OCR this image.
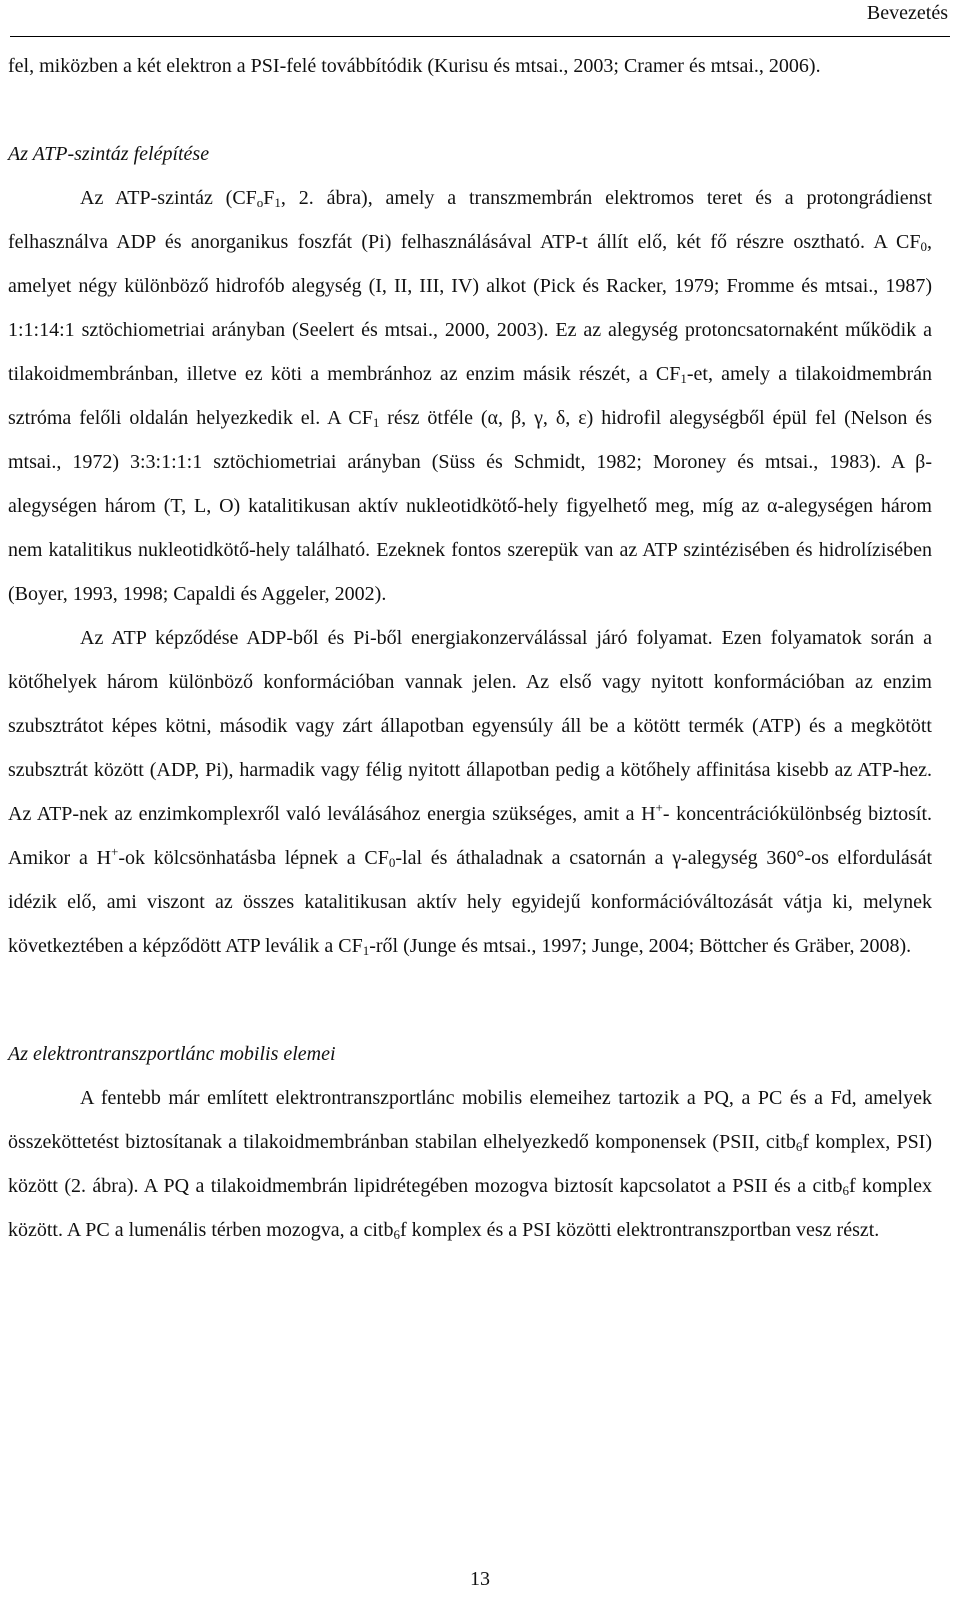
Bevezetés

fel, miközben a két elektron a PSI-felé továbbítódik (Kurisu és mtsai., 2003; Cramer és mtsai., 2006).

Az ATP-szintáz felépítése

Az ATP-szintáz ($CF_oF_1$, 2. ábra), amely a transzmembrán elektromos teret és a protongrádienst felhasználva ADP és anorganikus foszfát (Pi) felhasználásával ATP-t állít elő, két fő részre osztható. A $CF_0$, amelyet négy különböző hidrofób alegység (I, II, III, IV) alkot (Pick és Racker, 1979; Fromme és mtsai., 1987) 1:1:14:1 sztöchiometriai arányban (Seelert és mtsai., 2000, 2003). Ez az alegység protoncsatornaként működik a tilakoidmembránban, illetve ez köti a membránhoz az enzim másik részét, a $CF_1-et$, amely a tilakoidmembrán sztróma felőli oldalán helyezkedik el. A $CF_1$ rész ötféle (α, β, γ, δ, ε) hidrofil alegységből épül fel (Nelson és mtsai., 1972) 3:3:1:1:1 sztöchiometriai arányban (Süss és Schmidt, 1982; Moroney és mtsai., 1983). A β-alegységen három (T, L, O) katalitikusan aktív nukleotidkötő-hely figyelhető meg, míg az α-alegységen három nem katalitikus nukleotidkötő-hely található. Ezeknek fontos szerepük van az ATP szintézisében és hidrolízisében (Boyer, 1993, 1998; Capaldi és Aggeler, 2002).

Az ATP képződése ADP-ből és Pi-ből energiakonzerválással járó folyamat. Ezen folyamatok során a kötőhelyek három különböző konformációban vannak jelen. Az első vagy nyitott konformációban az enzim szubsztrátot képes kötni, második vagy zárt állapotban egyensúly áll be a kötött termék (ATP) és a megkötött szubsztrát között (ADP, Pi), harmadik vagy félig nyitott állapotban pedig a kötőhely affinitása kisebb az ATP-hez. Az ATP-nek az enzimkomplexről való leválásához energia szükséges, amit a H+- koncentrációkülönbség biztosít. Amikor a H+-ok kölcsönhatásba lépnek a $CF_0$-lal és áthaladnak a csatornán a γ-alegység 360°-os elfordulását idézik elő, ami viszont az összes katalitikusan aktív hely egyidejű konformációváltozását vátja ki, melynek következtében a képződött ATP leválik a $CF_1$-ről (Junge és mtsai., 1997; Junge, 2004; Böttcher és Gräber, 2008).

Az elektrontranszportlánc mobilis elemei

A fentebb már említett elektrontranszportlánc mobilis elemeihez tartozik a PQ, a PC és a Fd, amelyek összeköttetést biztosítanak a tilakoidmembránban stabilan elhelyezkedő komponensek (PSII, citb$_6$f komplex, PSI) között (2. ábra). A PQ a tilakoidmembrán lipidrétegében mozogva biztosít kapcsolatot a PSII és a citb$_6$f komplex között. A PC a lumenális térben mozogva, a citb$_6$f komplex és a PSI közötti elektrontranszportban vesz részt.

13
